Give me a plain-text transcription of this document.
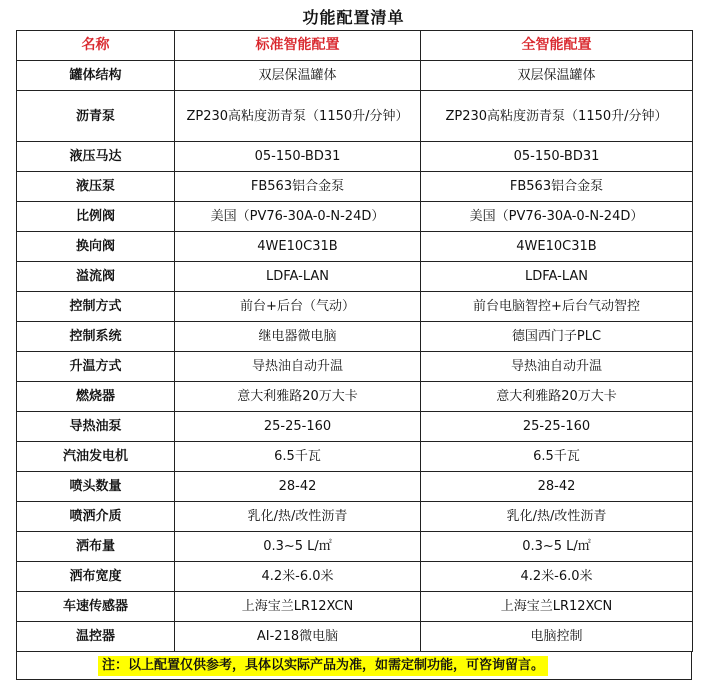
功能配置清单
名称	标准智能配置	全智能配置
罐体结构	双层保温罐体	双层保温罐体
沥青泵	ZP230高粘度沥青泵（1150升/分钟）	ZP230高粘度沥青泵（1150升/分钟）
液压马达	05-150-BD31	05-150-BD31
液压泵	FB563铝合金泵	FB563铝合金泵
比例阀	美国（PV76-30A-0-N-24D）	美国（PV76-30A-0-N-24D）
换向阀	4WE10C31B	4WE10C31B
溢流阀	LDFA-LAN	LDFA-LAN
控制方式	前台+后台（气动）	前台电脑智控+后台气动智控
控制系统	继电器微电脑	德国西门子PLC
升温方式	导热油自动升温	导热油自动升温
燃烧器	意大利雅路20万大卡	意大利雅路20万大卡
导热油泵	25-25-160	25-25-160
汽油发电机	6.5千瓦	6.5千瓦
喷头数量	28-42	28-42
喷洒介质	乳化/热/改性沥青	乳化/热/改性沥青
洒布量	0.3~5 L/㎡	0.3~5 L/㎡
洒布宽度	4.2米-6.0米	4.2米-6.0米
车速传感器	上海宝兰LR12XCN	上海宝兰LR12XCN
温控器	AI-218微电脑	电脑控制
注：以上配置仅供参考，具体以实际产品为准，如需定制功能，可咨询留言。
